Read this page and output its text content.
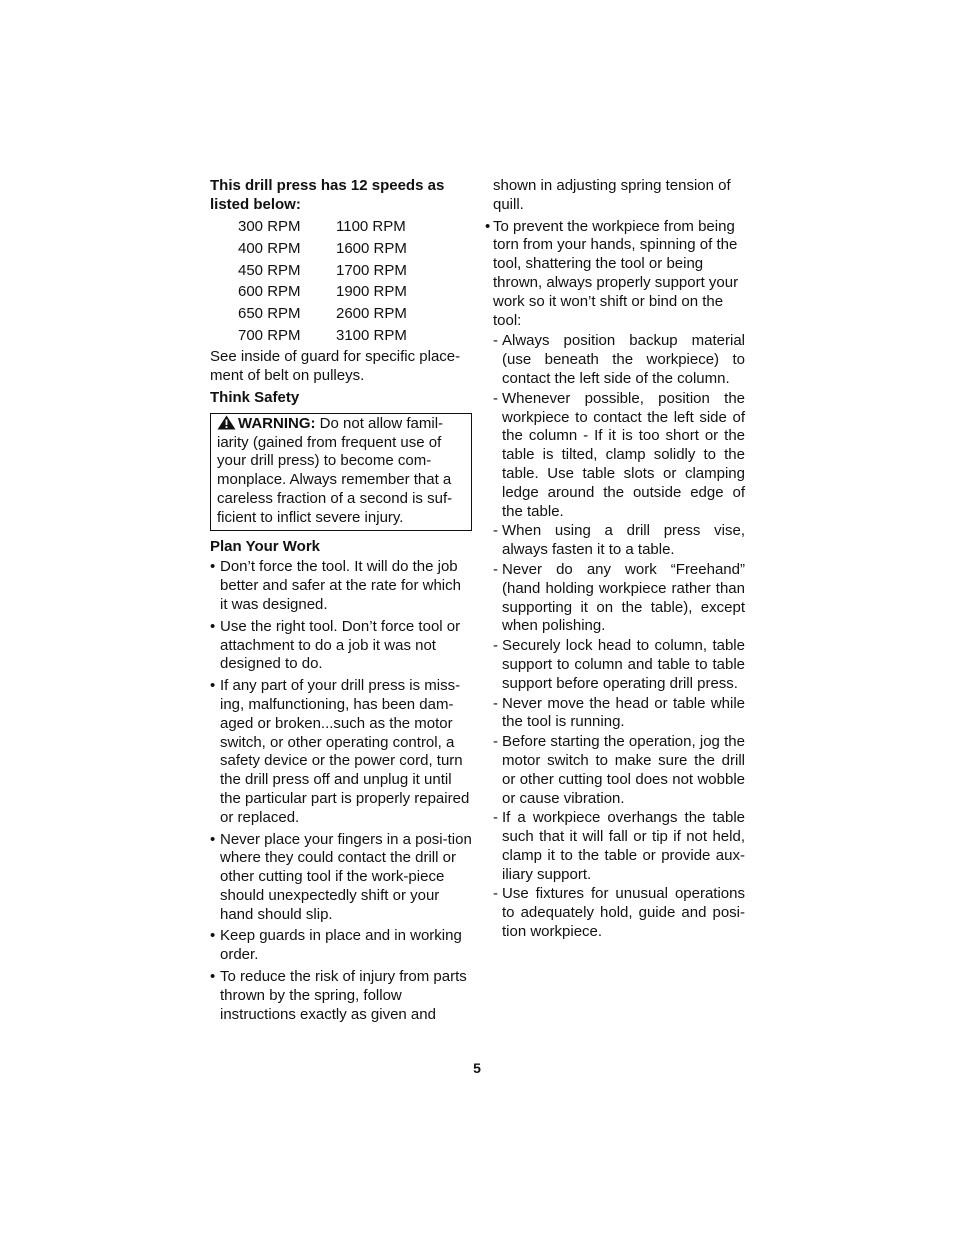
This drill press has 12 speeds as listed below:

300 RPM	1100 RPM
400 RPM	1600 RPM
450 RPM	1700 RPM
600 RPM	1900 RPM
650 RPM	2600 RPM
700 RPM	3100 RPM

See inside of guard for specific place-ment of belt on pulleys.

Think Safety

WARNING: Do not allow famil-iarity (gained from frequent use of your drill press) to become com-monplace. Always remember that a careless fraction of a second is suf-ficient to inflict severe injury.

Plan Your Work

• Don’t force the tool. It will do the job better and safer at the rate for which it was designed.
• Use the right tool. Don’t force tool or attachment to do a job it was not designed to do.
• If any part of your drill press is miss-ing, malfunctioning, has been dam-aged or broken...such as the motor switch, or other operating control, a safety device or the power cord, turn the drill press off and unplug it until the particular part is properly repaired or replaced.
• Never place your fingers in a posi-tion where they could contact the drill or other cutting tool if the work-piece should unexpectedly shift or your hand should slip.
• Keep guards in place and in working order.
• To reduce the risk of injury from parts thrown by the spring, follow instructions exactly as given and

shown in adjusting spring tension of quill.

• To prevent the workpiece from being torn from your hands, spinning of the tool, shattering the tool or being thrown, always properly support your work so it won’t shift or bind on the tool:

- Always position backup material (use beneath the workpiece) to contact the left side of the column.
- Whenever possible, position the workpiece to contact the left side of the column - If it is too short or the table is tilted, clamp solidly to the table. Use table slots or clamping ledge around the outside edge of the table.
- When using a drill press vise, always fasten it to a table.
- Never do any work “Freehand” (hand holding workpiece rather than supporting it on the table), except when polishing.
- Securely lock head to column, table support to column and table to table support before operating drill press.
- Never move the head or table while the tool is running.
- Before starting the operation, jog the motor switch to make sure the drill or other cutting tool does not wobble or cause vibration.
- If a workpiece overhangs the table such that it will fall or tip if not held, clamp it to the table or provide aux-iliary support.
- Use fixtures for unusual operations to adequately hold, guide and posi-tion workpiece.
5
